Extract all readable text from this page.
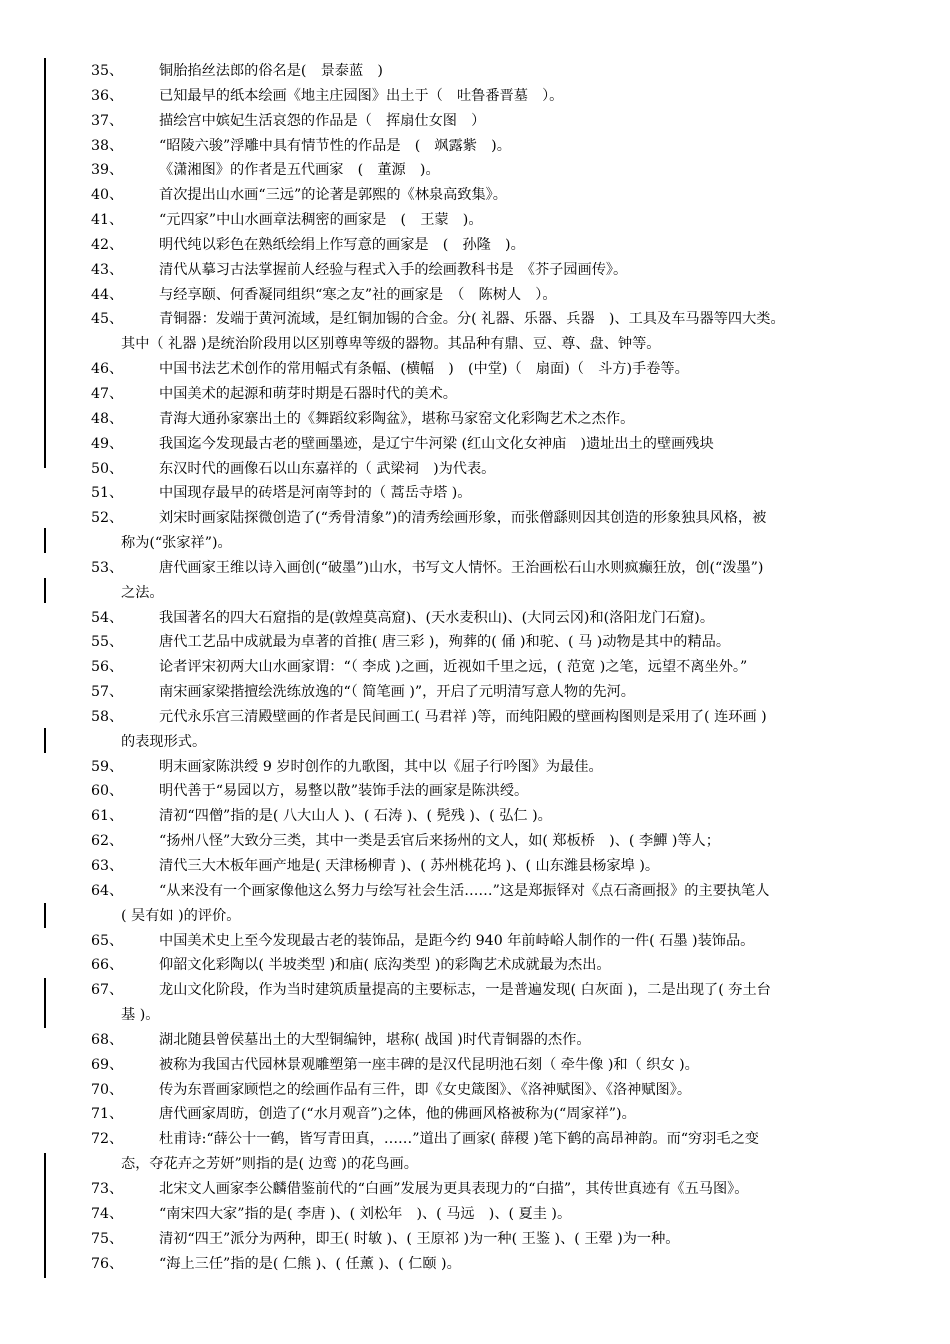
35、	铜胎掐丝法郎的俗名是(　景泰蓝　)
36、	已知最早的纸本绘画《地主庄园图》出土于（　吐鲁番晋墓　）。
37、	描绘宫中嫔妃生活哀怨的作品是（　挥扇仕女图　）
38、	“昭陵六骏”浮雕中具有情节性的作品是　(　飒露紫　)。
39、	《潇湘图》的作者是五代画家　(　董源　)。
40、	首次提出山水画“三远”的论著是郭熙的《林泉高致集》。
41、	“元四家”中山水画章法稠密的画家是　(　王蒙　)。
42、	明代纯以彩色在熟纸绘绢上作写意的画家是　(　孙隆　)。
43、	清代从摹习古法掌握前人经验与程式入手的绘画教科书是　《芥子园画传》。
44、	与经享颐、何香凝同组织“寒之友”社的画家是　（　陈树人　）。
45、	青铜器：发端于黄河流域，是红铜加锡的合金。分( 礼器、乐器、兵器　)、工具及车马器等四大类。
其中（ 礼器 )是统治阶段用以区别尊卑等级的器物。其品种有鼎、豆、尊、盘、钟等。
46、	中国书法艺术创作的常用幅式有条幅、(横幅　)　(中堂)（　扇面)（　斗方)手卷等。
47、	中国美术的起源和萌芽时期是石器时代的美术。
48、	青海大通孙家寨出土的《舞蹈纹彩陶盆》，堪称马家窑文化彩陶艺术之杰作。
49、	我国迄今发现最古老的壁画墨迹，是辽宁牛河梁 (红山文化女神庙　)遗址出土的壁画残块
50、	东汉时代的画像石以山东嘉祥的（ 武梁祠　)为代表。
51、	中国现存最早的砖塔是河南等封的（ 蒿岳寺塔 )。
52、	刘宋时画家陆探微创造了(“秀骨清象”)的清秀绘画形象，而张僧繇则因其创造的形象独具风格，被
称为(“张家祥”)。
53、	唐代画家王维以诗入画创(“破墨”)山水，书写文人情怀。王治画松石山水则疯癫狂放，创(“泼墨”)
之法。
54、	我国著名的四大石窟指的是(敦煌莫高窟)、(天水麦积山)、(大同云冈)和(洛阳龙门石窟)。
55、	唐代工艺品中成就最为卓著的首推( 唐三彩 )，殉葬的( 俑 )和驼、( 马 )动物是其中的精品。
56、	论者评宋初两大山水画家谓：“（ 李成 )之画，近视如千里之远，( 范宽 )之笔，远望不离坐外。”
57、	南宋画家梁揩擅绘洗练放逸的“（ 简笔画 )”，开启了元明清写意人物的先河。
58、	元代永乐宫三清殿壁画的作者是民间画工( 马君祥 )等，而纯阳殿的壁画构图则是采用了( 连环画 )
的表现形式。
59、	明末画家陈洪绶 9 岁时创作的九歌图，其中以《屈子行吟图》为最佳。
60、	明代善于“易园以方，易整以散”装饰手法的画家是陈洪绶。
61、	清初“四僧”指的是( 八大山人 )、( 石涛 )、( 髡残 )、( 弘仁 )。
62、	“扬州八怪”大致分三类，其中一类是丢官后来扬州的文人，如( 郑板桥　)、( 李鱓 )等人；
63、	清代三大木板年画产地是( 天津杨柳青 )、( 苏州桃花坞 )、( 山东潍县杨家埠 )。
64、	“从来没有一个画家像他这么努力与绘写社会生活……”这是郑振铎对《点石斋画报》的主要执笔人
( 吴有如 )的评价。
65、	中国美术史上至今发现最古老的装饰品，是距今约 940 年前峙峪人制作的一件( 石墨 )装饰品。
66、	仰韶文化彩陶以( 半坡类型 )和庙( 底沟类型 )的彩陶艺术成就最为杰出。
67、	龙山文化阶段，作为当时建筑质量提高的主要标志，一是普遍发现( 白灰面 )，二是出现了( 夯土台
基 )。
68、	湖北随县曾侯墓出土的大型铜编钟，堪称( 战国 )时代青铜器的杰作。
69、	被称为我国古代园林景观雕塑第一座丰碑的是汉代昆明池石刻（ 牵牛像 )和（ 织女 )。
70、	传为东晋画家顾恺之的绘画作品有三件，即《女史箴图》、《洛神赋图》、《洛神赋图》。
71、	唐代画家周昉，创造了(“水月观音”)之体，他的佛画风格被称为(“周家祥”)。
72、	杜甫诗:“薛公十一鹤，皆写青田真，……”道出了画家( 薛稷 )笔下鹤的高昂神韵。而“穷羽毛之变
态，夺花卉之芳妍”则指的是( 边鸾 )的花鸟画。
73、	北宋文人画家李公麟借鉴前代的“白画”发展为更具表现力的“白描”，其传世真迹有《五马图》。
74、	“南宋四大家”指的是( 李唐 )、( 刘松年　)、( 马远　)、( 夏圭 )。
75、	清初“四王”派分为两种，即王( 时敏 )、( 王原祁 )为一种( 王鉴 )、( 王翚 )为一种。
76、	“海上三任”指的是( 仁熊 )、( 任薰 )、( 仁颐 )。
